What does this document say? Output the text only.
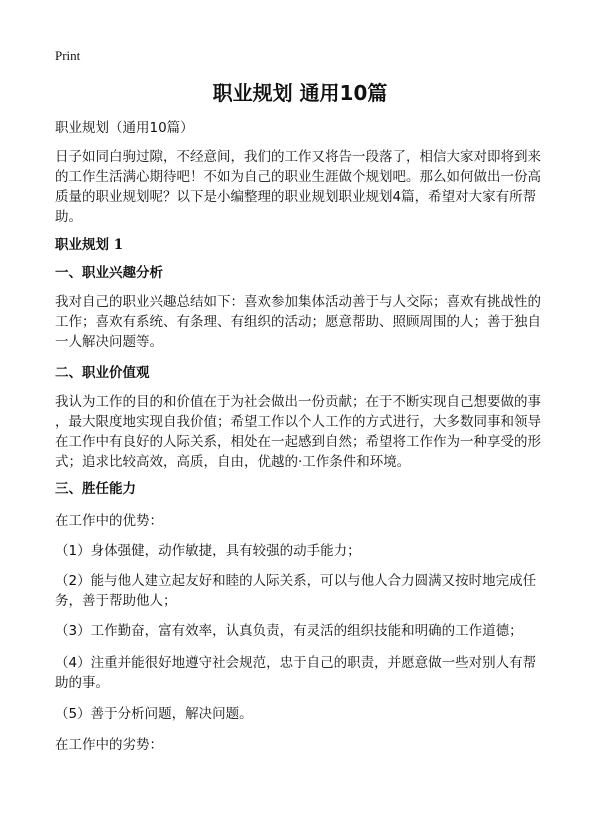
Print
职业规划 通用10篇
职业规划（通用10篇）
日子如同白驹过隙，不经意间，我们的工作又将告一段落了，相信大家对即将到来
的工作生活满心期待吧！不如为自己的职业生涯做个规划吧。那么如何做出一份高
质量的职业规划呢？以下是小编整理的职业规划职业规划4篇，希望对大家有所帮
助。
职业规划 1
一、职业兴趣分析
我对自己的职业兴趣总结如下：喜欢参加集体活动善于与人交际；喜欢有挑战性的
工作；喜欢有系统、有条理、有组织的活动；愿意帮助、照顾周围的人；善于独自
一人解决问题等。
二、职业价值观
我认为工作的目的和价值在于为社会做出一份贡献；在于不断实现自己想要做的事
，最大限度地实现自我价值；希望工作以个人工作的方式进行，大多数同事和领导
在工作中有良好的人际关系，相处在一起感到自然；希望将工作作为一种享受的形
式；追求比较高效，高质，自由，优越的·工作条件和环境。
三、胜任能力
在工作中的优势：
（1）身体强健，动作敏捷，具有较强的动手能力；
（2）能与他人建立起友好和睦的人际关系，可以与他人合力圆满又按时地完成任
务，善于帮助他人；
（3）工作勤奋，富有效率，认真负责，有灵活的组织技能和明确的工作道德；
（4）注重并能很好地遵守社会规范，忠于自己的职责，并愿意做一些对别人有帮
助的事。
（5）善于分析问题，解决问题。
在工作中的劣势：
